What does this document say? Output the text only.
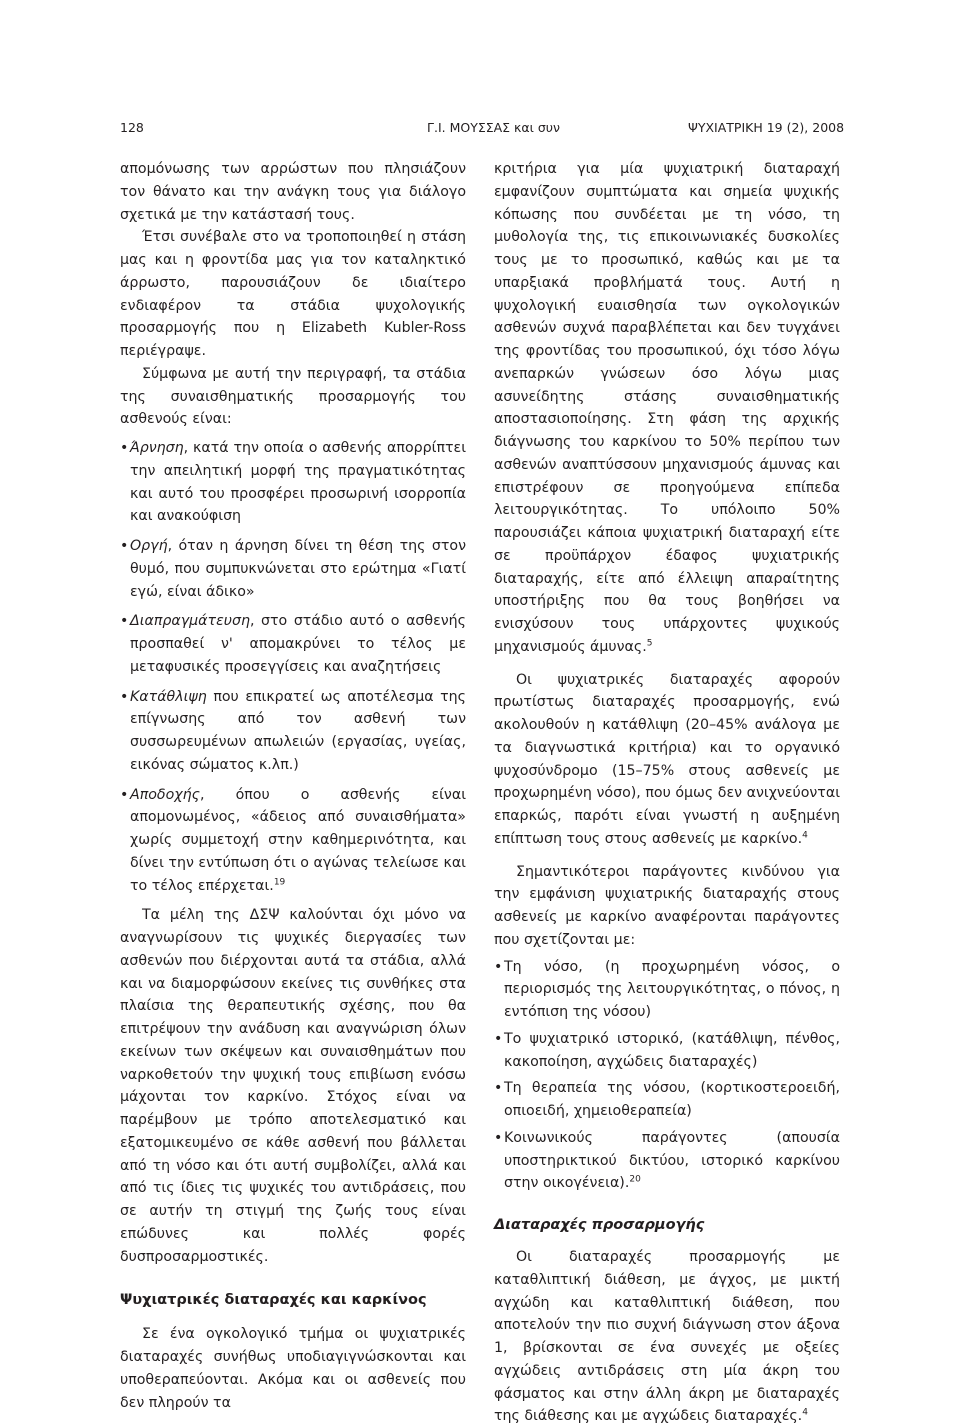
128	Γ.Ι. ΜΟΥΣΣΑΣ και συν	ΨΥΧΙΑΤΡΙΚΗ 19 (2), 2008

απομόνωσης των αρρώστων που πλησιάζουν τον θάνατο και την ανάγκη τους για διάλογο σχετικά με την κατάστασή τους.

Έτσι συνέβαλε στο να τροποποιηθεί η στάση μας και η φροντίδα μας για τον καταληκτικό άρρωστο, παρουσιάζουν δε ιδιαίτερο ενδιαφέρον τα στάδια ψυχολογικής προσαρμογής που η Elizabeth Kubler-Ross περιέγραψε.

Σύμφωνα με αυτή την περιγραφή, τα στάδια της συναισθηματικής προσαρμογής του ασθενούς είναι:

• Άρνηση, κατά την οποία ο ασθενής απορρίπτει την απειλητική μορφή της πραγματικότητας και αυτό του προσφέρει προσωρινή ισορροπία και ανακούφιση
• Οργή, όταν η άρνηση δίνει τη θέση της στον θυμό, που συμπυκνώνεται στο ερώτημα «Γιατί εγώ, είναι άδικο»
• Διαπραγμάτευση, στο στάδιο αυτό ο ασθενής προσπαθεί ν' απομακρύνει το τέλος με μεταφυσικές προσεγγίσεις και αναζητήσεις
• Κατάθλιψη που επικρατεί ως αποτέλεσμα της επίγνωσης από τον ασθενή των συσσωρευμένων απωλειών (εργασίας, υγείας, εικόνας σώματος κ.λπ.)
• Αποδοχής, όπου ο ασθενής είναι απομονωμένος, «άδειος από συναισθήματα» χωρίς συμμετοχή στην καθημερινότητα, και δίνει την εντύπωση ότι ο αγώνας τελείωσε και το τέλος επέρχεται.$^{19}$

Τα μέλη της ΔΣΨ καλούνται όχι μόνο να αναγνωρίσουν τις ψυχικές διεργασίες των ασθενών που διέρχονται αυτά τα στάδια, αλλά και να διαμορφώσουν εκείνες τις συνθήκες στα πλαίσια της θεραπευτικής σχέσης, που θα επιτρέψουν την ανάδυση και αναγνώριση όλων εκείνων των σκέψεων και συναισθημάτων που ναρκοθετούν την ψυχική τους επιβίωση ενόσω μάχονται τον καρκίνο. Στόχος είναι να παρέμβουν με τρόπο αποτελεσματικό και εξατομικευμένο σε κάθε ασθενή που βάλλεται από τη νόσο και ότι αυτή συμβολίζει, αλλά και από τις ίδιες τις ψυχικές του αντιδράσεις, που σε αυτήν τη στιγμή της ζωής τους είναι επώδυνες και πολλές φορές δυσπροσαρμοστικές.

Ψυχιατρικές διαταραχές και καρκίνος

Σε ένα ογκολογικό τμήμα οι ψυχιατρικές διαταραχές συνήθως υποδιαγιγνώσκονται και υποθεραπεύονται. Ακόμα και οι ασθενείς που δεν πληρούν τα

κριτήρια για μία ψυχιατρική διαταραχή εμφανίζουν συμπτώματα και σημεία ψυχικής κόπωσης που συνδέεται με τη νόσο, τη μυθολογία της, τις επικοινωνιακές δυσκολίες τους με το προσωπικό, καθώς και με τα υπαρξιακά προβλήματά τους. Αυτή η ψυχολογική ευαισθησία των ογκολογικών ασθενών συχνά παραβλέπεται και δεν τυγχάνει της φροντίδας του προσωπικού, όχι τόσο λόγω ανεπαρκών γνώσεων όσο λόγω μιας ασυνείδητης στάσης συναισθηματικής αποστασιοποίησης. Στη φάση της αρχικής διάγνωσης του καρκίνου το 50% περίπου των ασθενών αναπτύσσουν μηχανισμούς άμυνας και επιστρέφουν σε προηγούμενα επίπεδα λειτουργικότητας. Το υπόλοιπο 50% παρουσιάζει κάποια ψυχιατρική διαταραχή είτε σε προϋπάρχον έδαφος ψυχιατρικής διαταραχής, είτε από έλλειψη απαραίτητης υποστήριξης που θα τους βοηθήσει να ενισχύσουν τους υπάρχοντες ψυχικούς μηχανισμούς άμυνας.$^5$

Οι ψυχιατρικές διαταραχές αφορούν πρωτίστως διαταραχές προσαρμογής, ενώ ακολουθούν η κατάθλιψη (20–45% ανάλογα με τα διαγνωστικά κριτήρια) και το οργανικό ψυχοσύνδρομο (15–75% στους ασθενείς με προχωρημένη νόσο), που όμως δεν ανιχνεύονται επαρκώς, παρότι είναι γνωστή η αυξημένη επίπτωση τους στους ασθενείς με καρκίνο.$^4$

Σημαντικότεροι παράγοντες κινδύνου για την εμφάνιση ψυχιατρικής διαταραχής στους ασθενείς με καρκίνο αναφέρονται παράγοντες που σχετίζονται με:

• Τη νόσο, (η προχωρημένη νόσος, ο περιορισμός της λειτουργικότητας, ο πόνος, η εντόπιση της νόσου)
• Το ψυχιατρικό ιστορικό, (κατάθλιψη, πένθος, κακοποίηση, αγχώδεις διαταραχές)
• Τη θεραπεία της νόσου, (κορτικοστεροειδή, οπιοειδή, χημειοθεραπεία)
• Κοινωνικούς παράγοντες (απουσία υποστηρικτικού δικτύου, ιστορικό καρκίνου στην οικογένεια).$^{20}$
Διαταραχές προσαρμογής

Οι διαταραχές προσαρμογής με καταθλιπτική διάθεση, με άγχος, με μικτή αγχώδη και καταθλιπτική διάθεση, που αποτελούν την πιο συχνή διάγνωση στον άξονα 1, βρίσκονται σε ένα συνεχές με οξείες αγχώδεις αντιδράσεις στη μία άκρη του φάσματος και στην άλλη άκρη με διαταραχές της διάθεσης και με αγχώδεις διαταραχές.$^4$
